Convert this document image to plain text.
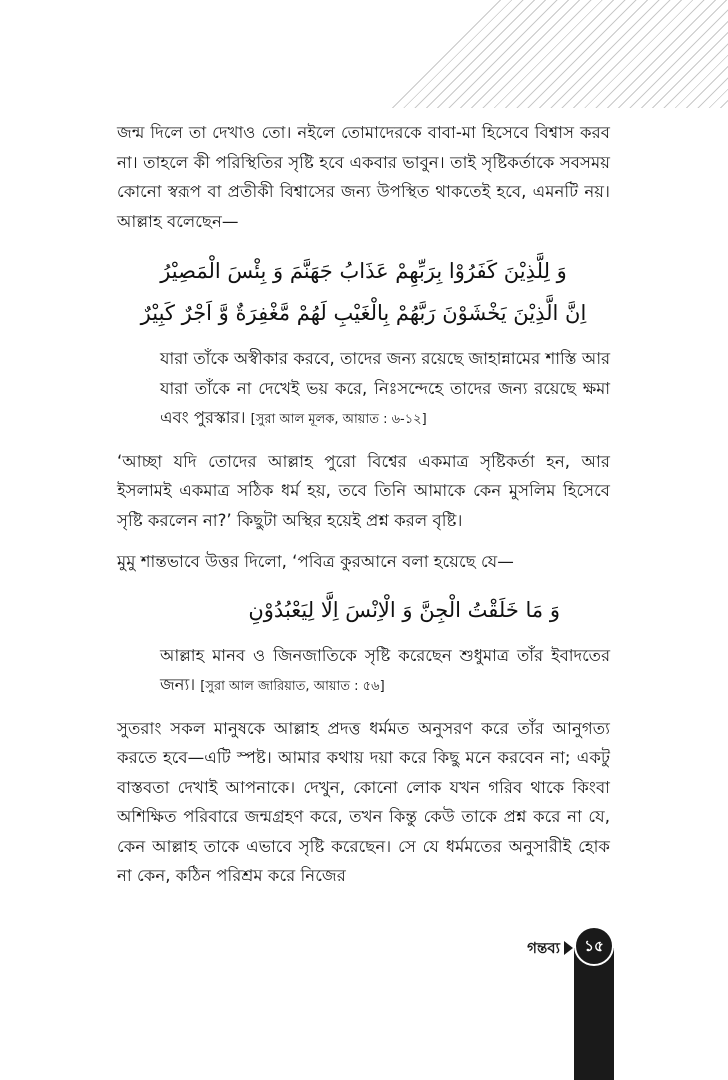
জন্ম দিলে তা দেখাও তো। নইলে তোমাদেরকে বাবা-মা হিসেবে বিশ্বাস করব না। তাহলে কী পরিস্থিতির সৃষ্টি হবে একবার ভাবুন। তাই সৃষ্টিকর্তাকে সবসময় কোনো স্বরূপ বা প্রতীকী বিশ্বাসের জন্য উপস্থিত থাকতেই হবে, এমনটি নয়। আল্লাহ বলেছেন—

وَ لِلَّذِيْنَ كَفَرُوْا بِرَبِّهِمْ عَذَابُ جَهَنَّمَ وَ بِئْسَ الْمَصِيْرُ

اِنَّ الَّذِيْنَ يَخْشَوْنَ رَبَّهُمْ بِالْغَيْبِ لَهُمْ مَّغْفِرَةٌ وَّ اَجْرٌ كَبِيْرٌ

যারা তাঁকে অস্বীকার করবে, তাদের জন্য রয়েছে জাহান্নামের শাস্তি আর যারা তাঁকে না দেখেই ভয় করে, নিঃসন্দেহে তাদের জন্য রয়েছে ক্ষমা এবং পুরস্কার। [সুরা আল মূলক, আয়াত : ৬-১২]

‘আচ্ছা যদি তোদের আল্লাহ পুরো বিশ্বের একমাত্র সৃষ্টিকর্তা হন, আর ইসলামই একমাত্র সঠিক ধর্ম হয়, তবে তিনি আমাকে কেন মুসলিম হিসেবে সৃষ্টি করলেন না?’ কিছুটা অস্থির হয়েই প্রশ্ন করল বৃষ্টি।

মুমু শান্তভাবে উত্তর দিলো, ‘পবিত্র কুরআনে বলা হয়েছে যে—

وَ مَا خَلَقْتُ الْجِنَّ وَ الْاِنْسَ اِلَّا لِيَعْبُدُوْنِ

আল্লাহ মানব ও জিনজাতিকে সৃষ্টি করেছেন শুধুমাত্র তাঁর ইবাদতের জন্য। [সুরা আল জারিয়াত, আয়াত : ৫৬]

সুতরাং সকল মানুষকে আল্লাহ প্রদত্ত ধর্মমত অনুসরণ করে তাঁর আনুগত্য করতে হবে—এটি স্পষ্ট। আমার কথায় দয়া করে কিছু মনে করবেন না; একটু বাস্তবতা দেখাই আপনাকে। দেখুন, কোনো লোক যখন গরিব থাকে কিংবা অশিক্ষিত পরিবারে জন্মগ্রহণ করে, তখন কিন্তু কেউ তাকে প্রশ্ন করে না যে, কেন আল্লাহ তাকে এভাবে সৃষ্টি করেছেন। সে যে ধর্মমতের অনুসারীই হোক না কেন, কঠিন পরিশ্রম করে নিজের

গন্তব্য	১৫
